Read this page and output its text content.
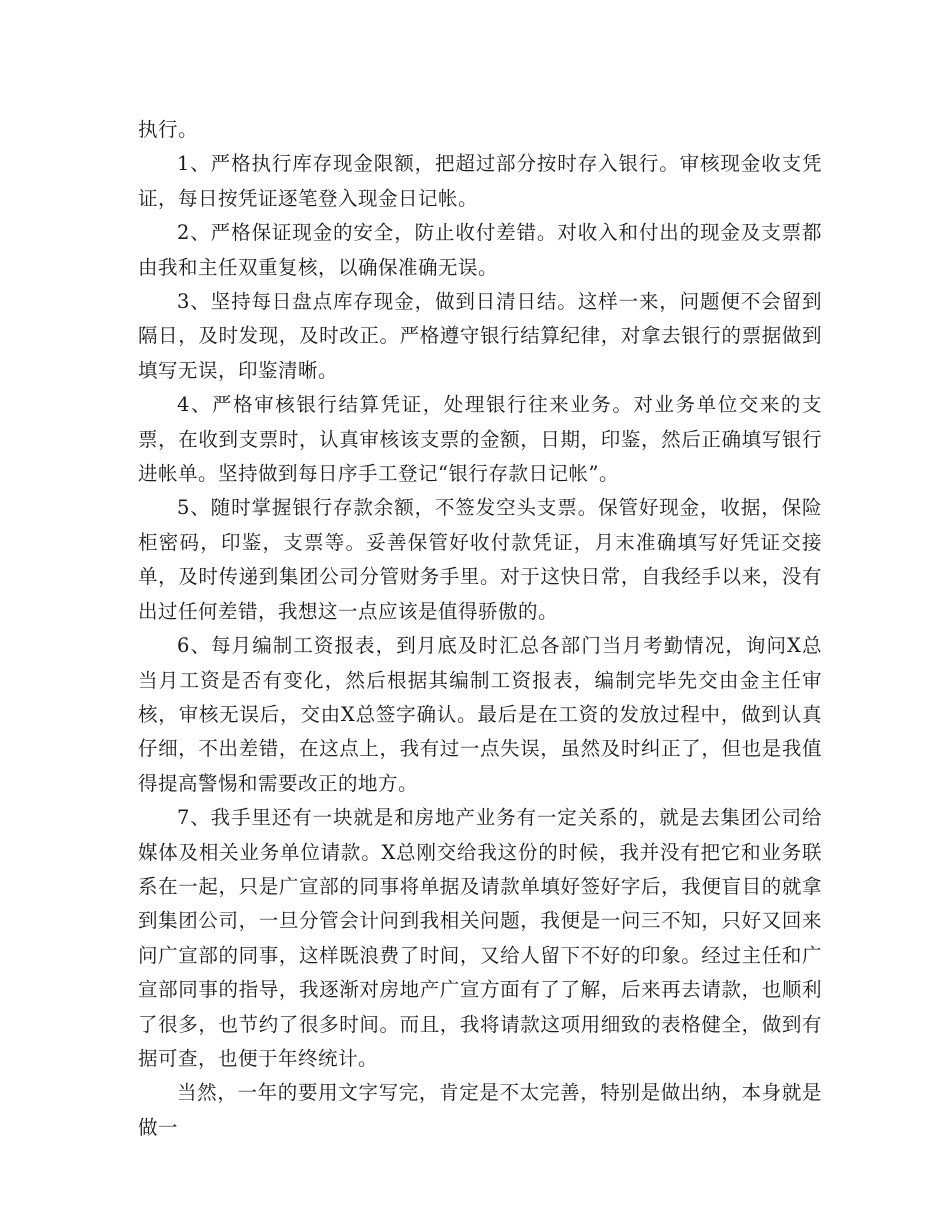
执行。

1、严格执行库存现金限额，把超过部分按时存入银行。审核现金收支凭证，每日按凭证逐笔登入现金日记帐。

2、严格保证现金的安全，防止收付差错。对收入和付出的现金及支票都由我和主任双重复核，以确保准确无误。

3、坚持每日盘点库存现金，做到日清日结。这样一来，问题便不会留到隔日，及时发现，及时改正。严格遵守银行结算纪律，对拿去银行的票据做到填写无误，印鉴清晰。

4、严格审核银行结算凭证，处理银行往来业务。对业务单位交来的支票，在收到支票时，认真审核该支票的金额，日期，印鉴，然后正确填写银行进帐单。坚持做到每日序手工登记“银行存款日记帐”。

5、随时掌握银行存款余额，不签发空头支票。保管好现金，收据，保险柜密码，印鉴，支票等。妥善保管好收付款凭证，月末准确填写好凭证交接单，及时传递到集团公司分管财务手里。对于这快日常，自我经手以来，没有出过任何差错，我想这一点应该是值得骄傲的。

6、每月编制工资报表，到月底及时汇总各部门当月考勤情况，询问X总当月工资是否有变化，然后根据其编制工资报表，编制完毕先交由金主任审核，审核无误后，交由X总签字确认。最后是在工资的发放过程中，做到认真仔细，不出差错，在这点上，我有过一点失误，虽然及时纠正了，但也是我值得提高警惕和需要改正的地方。

7、我手里还有一块就是和房地产业务有一定关系的，就是去集团公司给媒体及相关业务单位请款。X总刚交给我这份的时候，我并没有把它和业务联系在一起，只是广宣部的同事将单据及请款单填好签好字后，我便盲目的就拿到集团公司，一旦分管会计问到我相关问题，我便是一问三不知，只好又回来问广宣部的同事，这样既浪费了时间，又给人留下不好的印象。经过主任和广宣部同事的指导，我逐渐对房地产广宣方面有了了解，后来再去请款，也顺利了很多，也节约了很多时间。而且，我将请款这项用细致的表格健全，做到有据可查，也便于年终统计。

当然，一年的要用文字写完，肯定是不太完善，特别是做出纳，本身就是做一
